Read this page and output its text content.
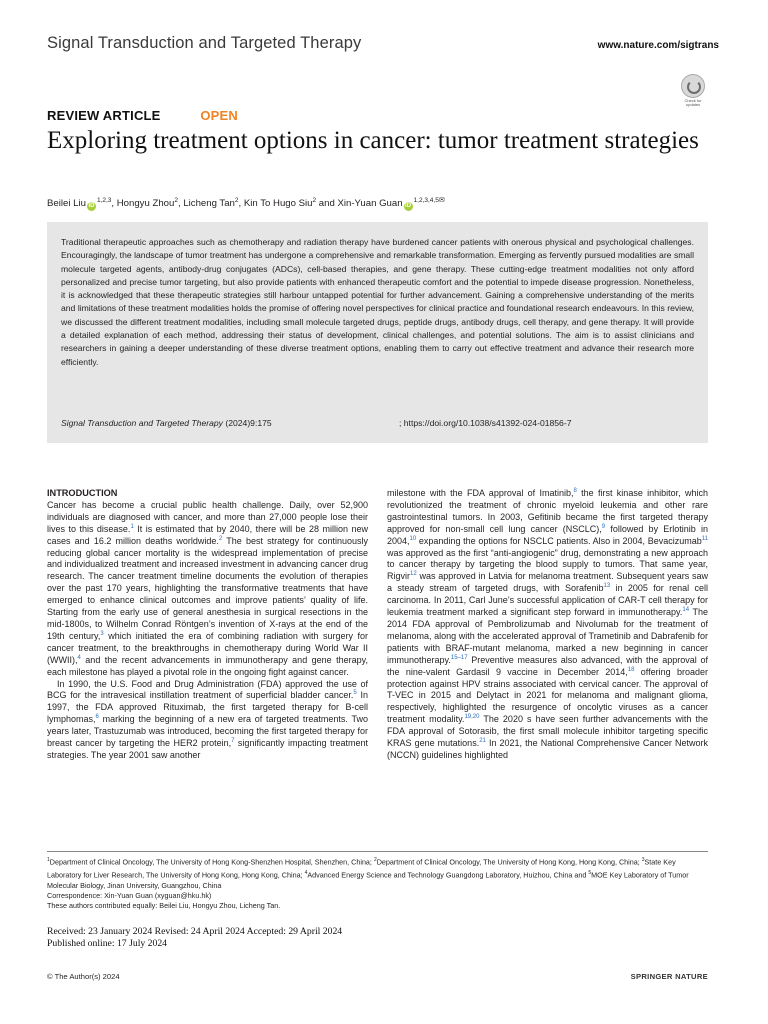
Signal Transduction and Targeted Therapy	www.nature.com/sigtrans
Check for updates
REVIEW ARTICLE	OPEN
Exploring treatment options in cancer: tumor treatment strategies
Beilei Liu iD$^{1,2,3}$, Hongyu Zhou$^2$, Licheng Tan$^2$, Kin To Hugo Siu$^2$ and Xin-Yuan Guan $iD^{1,2,3,4,5✉}$

Traditional therapeutic approaches such as chemotherapy and radiation therapy have burdened cancer patients with onerous physical and psychological challenges. Encouragingly, the landscape of tumor treatment has undergone a comprehensive and remarkable transformation. Emerging as fervently pursued modalities are small molecule targeted agents, antibody-drug conjugates (ADCs), cell-based therapies, and gene therapy. These cutting-edge treatment modalities not only afford personalized and precise tumor targeting, but also provide patients with enhanced therapeutic comfort and the potential to impede disease progression. Nonetheless, it is acknowledged that these therapeutic strategies still harbour untapped potential for further advancement. Gaining a comprehensive understanding of the merits and limitations of these treatment modalities holds the promise of offering novel perspectives for clinical practice and foundational research endeavours. In this review, we discussed the different treatment modalities, including small molecule targeted drugs, peptide drugs, antibody drugs, cell therapy, and gene therapy. It will provide a detailed explanation of each method, addressing their status of development, clinical challenges, and potential solutions. The aim is to assist clinicians and researchers in gaining a deeper understanding of these diverse treatment options, enabling them to carry out effective treatment and advance their research more efficiently.

Signal Transduction and Targeted Therapy (2024)9:175	; https://doi.org/10.1038/s41392-024-01856-7

INTRODUCTION

Cancer has become a crucial public health challenge. Daily, over 52,900 individuals are diagnosed with cancer, and more than 27,000 people lose their lives to this disease.$^1$ It is estimated that by 2040, there will be 28 million new cases and 16.2 million deaths worldwide.$^2$ The best strategy for continuously reducing global cancer mortality is the widespread implementation of precise and individualized treatment and increased investment in advancing cancer drug research. The cancer treatment timeline documents the evolution of therapies over the past 170 years, highlighting the transformative treatments that have emerged to enhance clinical outcomes and improve patients’ quality of life. Starting from the early use of general anesthesia in surgical resections in the mid-1800s, to Wilhelm Conrad Röntgen’s invention of X-rays at the end of the 19th century,$^3$ which initiated the era of combining radiation with surgery for cancer treatment, to the breakthroughs in chemotherapy during World War II (WWII),$^4$ and the recent advancements in immunotherapy and gene therapy, each milestone has played a pivotal role in the ongoing fight against cancer.

In 1990, the U.S. Food and Drug Administration (FDA) approved the use of BCG for the intravesical instillation treatment of superficial bladder cancer.$^5$ In 1997, the FDA approved Rituximab, the first targeted therapy for B-cell lymphomas,$^6$ marking the beginning of a new era of targeted treatments. Two years later, Trastuzumab was introduced, becoming the first targeted therapy for breast cancer by targeting the HER2 protein,$^7$ significantly impacting treatment strategies. The year 2001 saw another

milestone with the FDA approval of Imatinib,$^8$ the first kinase inhibitor, which revolutionized the treatment of chronic myeloid leukemia and other rare gastrointestinal tumors. In 2003, Gefitinib became the first targeted therapy approved for non-small cell lung cancer (NSCLC),$^9$ followed by Erlotinib in 2004,10 expanding the options for NSCLC patients. Also in 2004, Bevacizumab$^{11}$ was approved as the first “anti-angiogenic” drug, demonstrating a new approach to cancer therapy by targeting the blood supply to tumors. That same year, Rigvir$^{12}$ was approved in Latvia for melanoma treatment. Subsequent years saw a steady stream of targeted drugs, with Sorafenib$^{13}$ in 2005 for renal cell carcinoma. In 2011, Carl June’s successful application of CAR-T cell therapy for leukemia treatment marked a significant step forward in immunotherapy.$^{14}$ The 2014 FDA approval of Pembrolizumab and Nivolumab for the treatment of melanoma, along with the accelerated approval of Trametinib and Dabrafenib for patients with BRAF-mutant melanoma, marked a new beginning in cancer immunotherapy.$^{15-17}$ Preventive measures also advanced, with the approval of the nine-valent Gardasil 9 vaccine in December 2014,18 offering broader protection against HPV strains associated with cervical cancer. The approval of T-VEC in 2015 and Delytact in 2021 for melanoma and malignant glioma, respectively, highlighted the resurgence of oncolytic viruses as a cancer treatment modality.$^{19,20}$ The 2020 s have seen further advancements with the FDA approval of Sotorasib, the first small molecule inhibitor targeting specific KRAS gene mutations.$^{21}$ In 2021, the National Comprehensive Cancer Network (NCCN) guidelines highlighted

$^1$Department of Clinical Oncology, The University of Hong Kong-Shenzhen Hospital, Shenzhen, China; $^2$Department of Clinical Oncology, The University of Hong Kong, Hong Kong, China; $^3$State Key Laboratory for Liver Research, The University of Hong Kong, Hong Kong, China; $^4$Advanced Energy Science and Technology Guangdong Laboratory, Huizhou, China and $^5$MOE Key Laboratory of Tumor Molecular Biology, Jinan University, Guangzhou, China
Correspondence: Xin-Yuan Guan (xyguan@hku.hk)
These authors contributed equally: Beilei Liu, Hongyu Zhou, Licheng Tan.
Received: 23 January 2024 Revised: 24 April 2024 Accepted: 29 April 2024
Published online: 17 July 2024
© The Author(s) 2024	SPRINGER NATURE
